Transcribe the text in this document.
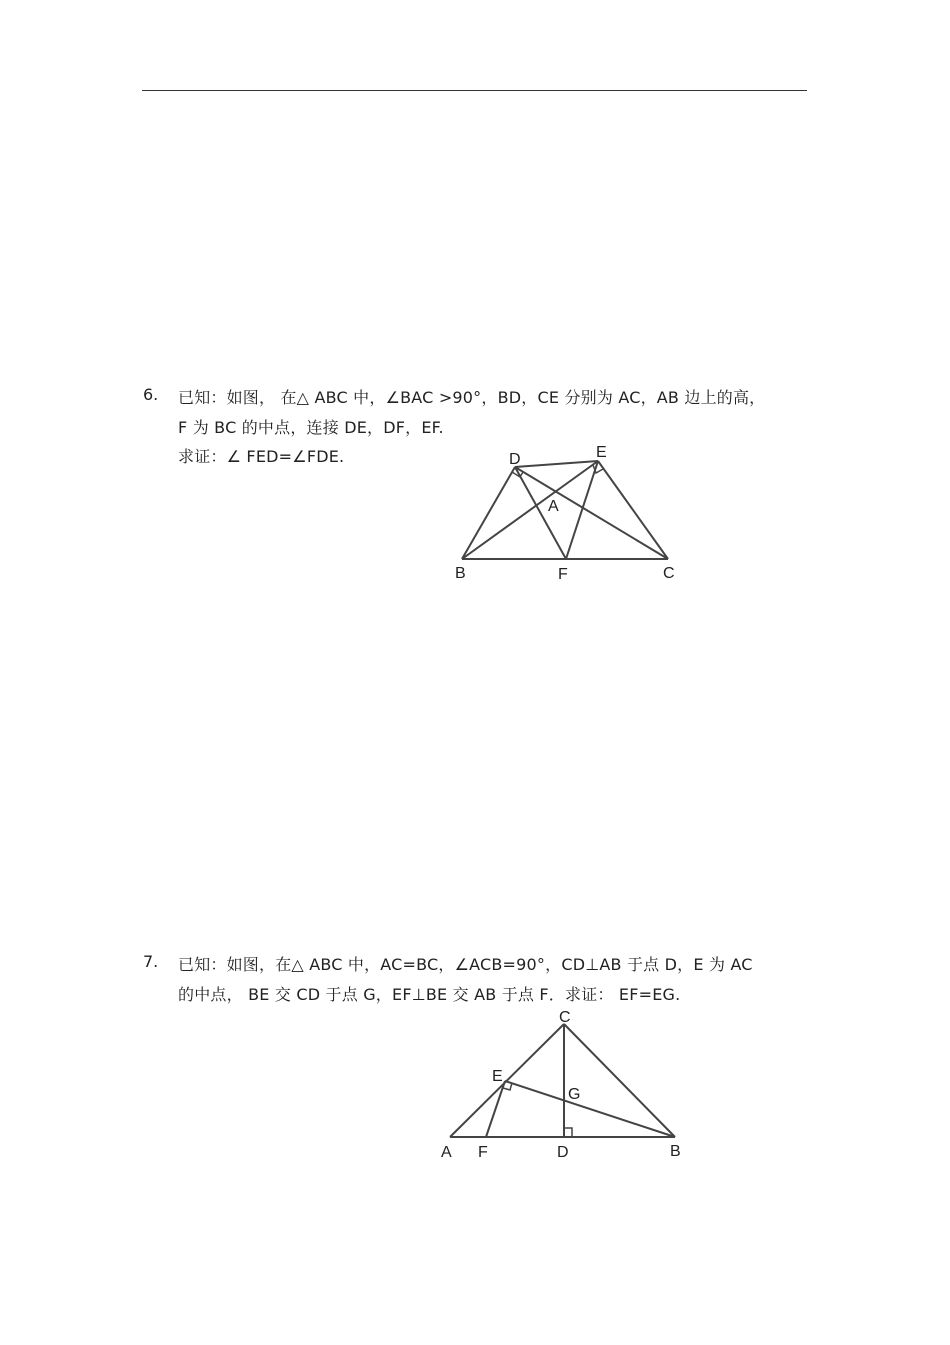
6. 已知：如图， 在△ ABC 中，∠BAC >90°，BD，CE 分别为 AC，AB 边上的高，
F 为 BC 的中点，连接 DE，DF，EF.
求证：∠ FED=∠FDE.
7. 已知：如图，在△ ABC 中，AC=BC，∠ACB=90°，CD⊥AB 于点 D，E 为 AC
的中点， BE 交 CD 于点 G，EF⊥BE 交 AB 于点 F．求证： EF=EG.
D	E
A
B	F	C
C
E
G
A F	D	B
